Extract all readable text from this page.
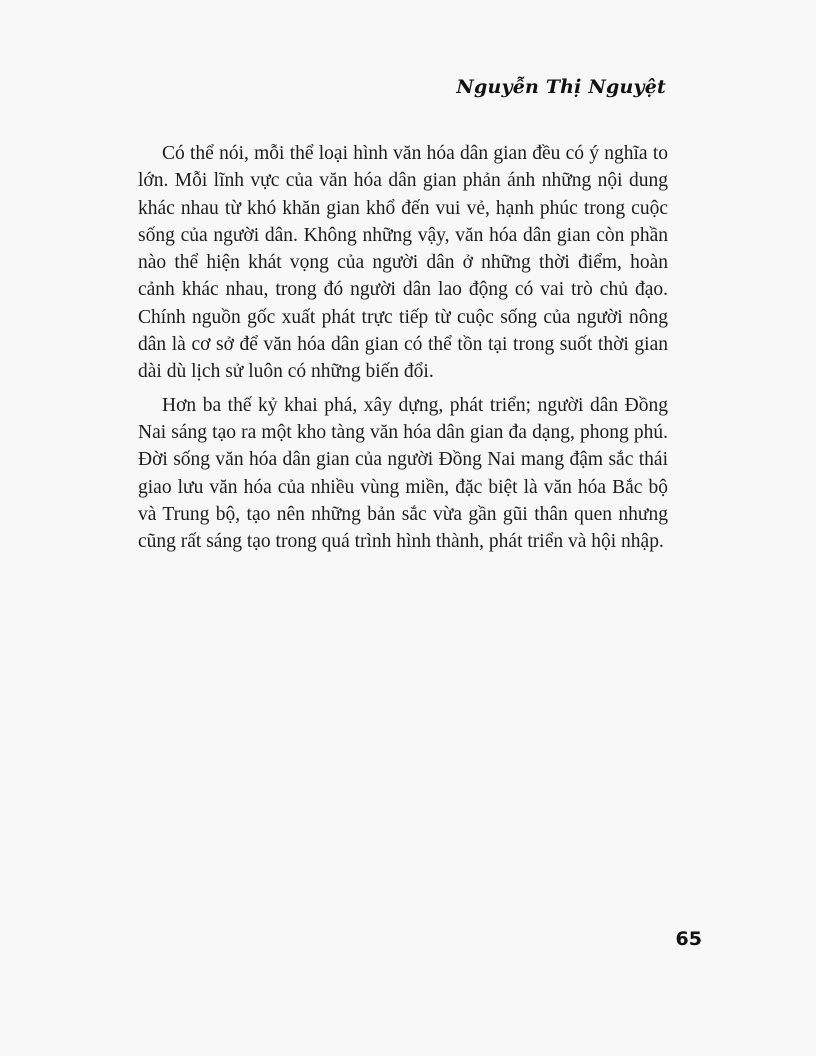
Nguyễn Thị Nguyệt

Có thể nói, mỗi thể loại hình văn hóa dân gian đều có ý nghĩa to lớn. Mỗi lĩnh vực của văn hóa dân gian phản ánh những nội dung khác nhau từ khó khăn gian khổ đến vui vẻ, hạnh phúc trong cuộc sống của người dân. Không những vậy, văn hóa dân gian còn phần nào thể hiện khát vọng của người dân ở những thời điểm, hoàn cảnh khác nhau, trong đó người dân lao động có vai trò chủ đạo. Chính nguồn gốc xuất phát trực tiếp từ cuộc sống của người nông dân là cơ sở để văn hóa dân gian có thể tồn tại trong suốt thời gian dài dù lịch sử luôn có những biến đổi.

Hơn ba thế kỷ khai phá, xây dựng, phát triển; người dân Đồng Nai sáng tạo ra một kho tàng văn hóa dân gian đa dạng, phong phú. Đời sống văn hóa dân gian của người Đồng Nai mang đậm sắc thái giao lưu văn hóa của nhiều vùng miền, đặc biệt là văn hóa Bắc bộ và Trung bộ, tạo nên những bản sắc vừa gần gũi thân quen nhưng cũng rất sáng tạo trong quá trình hình thành, phát triển và hội nhập.

65
